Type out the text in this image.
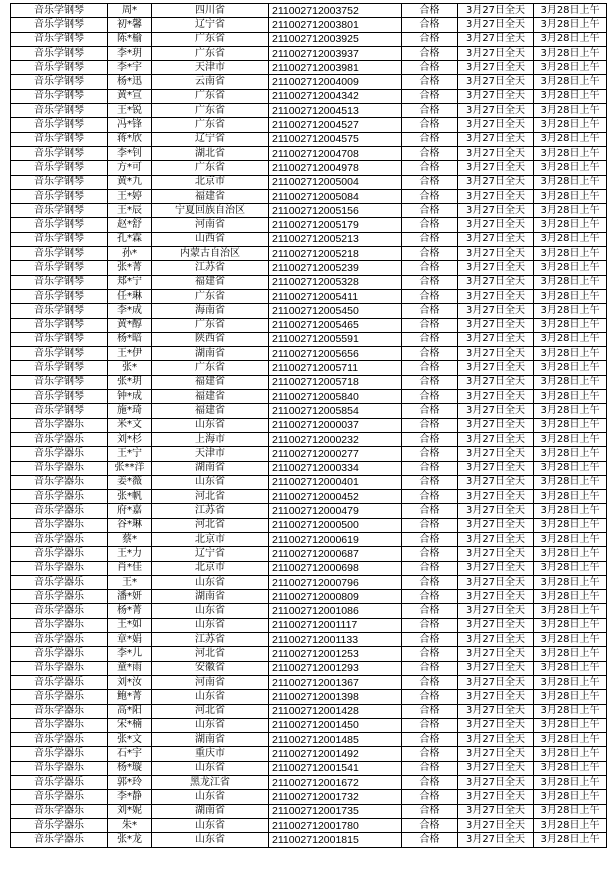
音乐学钢琴	周*	四川省	211002712003752	合格	3月27日全天	3月28日上午
音乐学钢琴	初*馨	辽宁省	211002712003801	合格	3月27日全天	3月28日上午
音乐学钢琴	陈*榆	广东省	211002712003925	合格	3月27日全天	3月28日上午
音乐学钢琴	李*玥	广东省	211002712003937	合格	3月27日全天	3月28日上午
音乐学钢琴	李*宇	天津市	211002712003981	合格	3月27日全天	3月28日上午
音乐学钢琴	杨*迅	云南省	211002712004009	合格	3月27日全天	3月28日上午
音乐学钢琴	黄*宣	广东省	211002712004342	合格	3月27日全天	3月28日上午
音乐学钢琴	王*锐	广东省	211002712004513	合格	3月27日全天	3月28日上午
音乐学钢琴	冯*锋	广东省	211002712004527	合格	3月27日全天	3月28日上午
音乐学钢琴	蒋*欣	辽宁省	211002712004575	合格	3月27日全天	3月28日上午
音乐学钢琴	李*钊	湖北省	211002712004708	合格	3月27日全天	3月28日上午
音乐学钢琴	方*可	广东省	211002712004978	合格	3月27日全天	3月28日上午
音乐学钢琴	黄*九	北京市	211002712005004	合格	3月27日全天	3月28日上午
音乐学钢琴	王*婷	福建省	211002712005084	合格	3月27日全天	3月28日上午
音乐学钢琴	王*辰	宁夏回族自治区	211002712005156	合格	3月27日全天	3月28日上午
音乐学钢琴	赵*舒	河南省	211002712005179	合格	3月27日全天	3月28日上午
音乐学钢琴	孔*霖	山西省	211002712005213	合格	3月27日全天	3月28日上午
音乐学钢琴	孙*	内蒙古自治区	211002712005218	合格	3月27日全天	3月28日上午
音乐学钢琴	张*菁	江苏省	211002712005239	合格	3月27日全天	3月28日上午
音乐学钢琴	郑*宁	福建省	211002712005328	合格	3月27日全天	3月28日上午
音乐学钢琴	任*琳	广东省	211002712005411	合格	3月27日全天	3月28日上午
音乐学钢琴	李*成	海南省	211002712005450	合格	3月27日全天	3月28日上午
音乐学钢琴	黄*醇	广东省	211002712005465	合格	3月27日全天	3月28日上午
音乐学钢琴	杨*暗	陕西省	211002712005591	合格	3月27日全天	3月28日上午
音乐学钢琴	王*伊	湖南省	211002712005656	合格	3月27日全天	3月28日上午
音乐学钢琴	张*	广东省	211002712005711	合格	3月27日全天	3月28日上午
音乐学钢琴	张*玥	福建省	211002712005718	合格	3月27日全天	3月28日上午
音乐学钢琴	钟*成	福建省	211002712005840	合格	3月27日全天	3月28日上午
音乐学钢琴	施*琦	福建省	211002712005854	合格	3月27日全天	3月28日上午
音乐学器乐	米*文	山东省	211002712000037	合格	3月27日全天	3月28日上午
音乐学器乐	刘*杉	上海市	211002712000232	合格	3月27日全天	3月28日上午
音乐学器乐	王*宁	天津市	211002712000277	合格	3月27日全天	3月28日上午
音乐学器乐	张**洋	湖南省	211002712000334	合格	3月27日全天	3月28日上午
音乐学器乐	姜*薇	山东省	211002712000401	合格	3月27日全天	3月28日上午
音乐学器乐	张*帆	河北省	211002712000452	合格	3月27日全天	3月28日上午
音乐学器乐	府*嘉	江苏省	211002712000479	合格	3月27日全天	3月28日上午
音乐学器乐	谷*琳	河北省	211002712000500	合格	3月27日全天	3月28日上午
音乐学器乐	蔡*	北京市	211002712000619	合格	3月27日全天	3月28日上午
音乐学器乐	王*力	辽宁省	211002712000687	合格	3月27日全天	3月28日上午
音乐学器乐	肖*佳	北京市	211002712000698	合格	3月27日全天	3月28日上午
音乐学器乐	王*	山东省	211002712000796	合格	3月27日全天	3月28日上午
音乐学器乐	潘*妍	湖南省	211002712000809	合格	3月27日全天	3月28日上午
音乐学器乐	杨*菁	山东省	211002712001086	合格	3月27日全天	3月28日上午
音乐学器乐	王*如	山东省	211002712001117	合格	3月27日全天	3月28日上午
音乐学器乐	章*娟	江苏省	211002712001133	合格	3月27日全天	3月28日上午
音乐学器乐	李*儿	河北省	211002712001253	合格	3月27日全天	3月28日上午
音乐学器乐	童*雨	安徽省	211002712001293	合格	3月27日全天	3月28日上午
音乐学器乐	刘*汝	河南省	211002712001367	合格	3月27日全天	3月28日上午
音乐学器乐	鲍*菁	山东省	211002712001398	合格	3月27日全天	3月28日上午
音乐学器乐	高*阳	河北省	211002712001428	合格	3月27日全天	3月28日上午
音乐学器乐	宋*楠	山东省	211002712001450	合格	3月27日全天	3月28日上午
音乐学器乐	张*文	湖南省	211002712001485	合格	3月27日全天	3月28日上午
音乐学器乐	石*宇	重庆市	211002712001492	合格	3月27日全天	3月28日上午
音乐学器乐	杨*璇	山东省	211002712001541	合格	3月27日全天	3月28日上午
音乐学器乐	郭*玲	黑龙江省	211002712001672	合格	3月27日全天	3月28日上午
音乐学器乐	李*静	山东省	211002712001732	合格	3月27日全天	3月28日上午
音乐学器乐	刘*妮	湖南省	211002712001735	合格	3月27日全天	3月28日上午
音乐学器乐	朱*	山东省	211002712001780	合格	3月27日全天	3月28日上午
音乐学器乐	张*龙	山东省	211002712001815	合格	3月27日全天	3月28日上午
